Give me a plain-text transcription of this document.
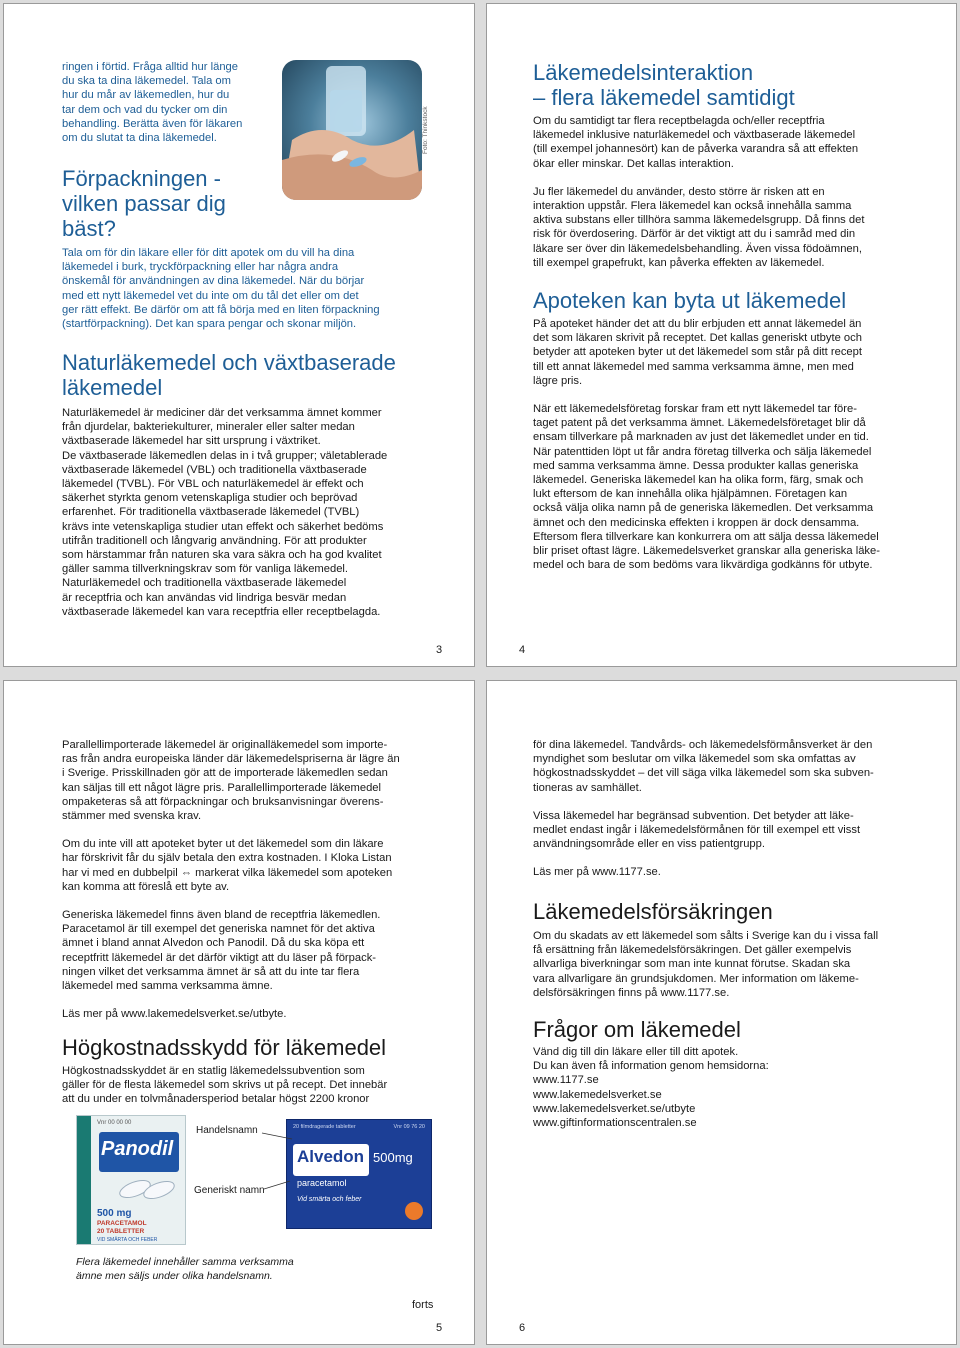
ringen i förtid. Fråga alltid hur länge

du ska ta dina läkemedel. Tala om

hur du mår av läkemedlen, hur du

tar dem och vad du tycker om din

behandling. Berätta även för läkaren

om du slutat ta dina läkemedel.	Foto: Thinkstock
Förpackningen -
vilken passar dig
bäst?

Tala om för din läkare eller för ditt apotek om du vill ha dina

läkemedel i burk, tryckförpackning eller har några andra

önskemål för användningen av dina läkemedel. När du börjar

med ett nytt läkemedel vet du inte om du tål det eller om det

ger rätt effekt. Be därför om att få börja med en liten förpackning

(startförpackning). Det kan spara pengar och skonar miljön.

Naturläkemedel och växtbaserade
läkemedel

Naturläkemedel är mediciner där det verksamma ämnet kommer

från djurdelar, bakteriekulturer, mineraler eller salter medan

växtbaserade läkemedel har sitt ursprung i växtriket.

De växtbaserade läkemedlen delas in i två grupper; väletablerade

växtbaserade läkemedel (VBL) och traditionella växtbaserade

läkemedel (TVBL). För VBL och naturläkemedel är effekt och

säkerhet styrkta genom vetenskapliga studier och beprövad

erfarenhet. För traditionella växtbaserade läkemedel (TVBL)

krävs inte vetenskapliga studier utan effekt och säkerhet bedöms

utifrån traditionell och långvarig användning. För att produkter

som härstammar från naturen ska vara säkra och ha god kvalitet

gäller samma tillverkningskrav som för vanliga läkemedel.

Naturläkemedel och traditionella växtbaserade läkemedel

är receptfria och kan användas vid lindriga besvär medan

växtbaserade läkemedel kan vara receptfria eller receptbelagda.

3
Läkemedelsinteraktion
– flera läkemedel samtidigt

Om du samtidigt tar flera receptbelagda och/eller receptfria

läkemedel inklusive naturläkemedel och växtbaserade läkemedel

(till exempel johannesört) kan de påverka varandra så att effekten

ökar eller minskar. Det kallas interaktion.

Ju fler läkemedel du använder, desto större är risken att en

interaktion uppstår. Flera läkemedel kan också innehålla samma

aktiva substans eller tillhöra samma läkemedelsgrupp. Då finns det

risk för överdosering. Därför är det viktigt att du i samråd med din

läkare ser över din läkemedelsbehandling. Även vissa födoämnen,

till exempel grapefrukt, kan påverka effekten av läkemedel.

Apoteken kan byta ut läkemedel

På apoteket händer det att du blir erbjuden ett annat läkemedel än

det som läkaren skrivit på receptet. Det kallas generiskt utbyte och

betyder att apoteken byter ut det läkemedel som står på ditt recept

till ett annat läkemedel med samma verksamma ämne, men med

lägre pris.

När ett läkemedelsföretag forskar fram ett nytt läkemedel tar före-

taget patent på det verksamma ämnet. Läkemedelsföretaget blir då

ensam tillverkare på marknaden av just det läkemedlet under en tid.

När patenttiden löpt ut får andra företag tillverka och sälja läkemedel

med samma verksamma ämne. Dessa produkter kallas generiska

läkemedel. Generiska läkemedel kan ha olika form, färg, smak och

lukt eftersom de kan innehålla olika hjälpämnen. Företagen kan

också välja olika namn på de generiska läkemedlen. Det verksamma

ämnet och den medicinska effekten i kroppen är dock densamma.

Eftersom flera tillverkare kan konkurrera om att sälja dessa läkemedel

blir priset oftast lägre. Läkemedelsverket granskar alla generiska läke-

medel och bara de som bedöms vara likvärdiga godkänns för utbyte.

4

Parallellimporterade läkemedel är originalläkemedel som importe-

ras från andra europeiska länder där läkemedelspriserna är lägre än

i Sverige. Prisskillnaden gör att de importerade läkemedlen sedan

kan säljas till ett något lägre pris. Parallellimporterade läkemedel

ompaketeras så att förpackningar och bruksanvisningar överens-

stämmer med svenska krav.

Om du inte vill att apoteket byter ut det läkemedel som din läkare

har förskrivit får du själv betala den extra kostnaden. I Kloka Listan

har vi med en dubbelpil ⇔ markerat vilka läkemedel som apoteken

kan komma att föreslå ett byte av.

Generiska läkemedel finns även bland de receptfria läkemedlen.

Paracetamol är till exempel det generiska namnet för det aktiva

ämnet i bland annat Alvedon och Panodil. Då du ska köpa ett

receptfritt läkemedel är det därför viktigt att du läser på förpack-

ningen vilket det verksamma ämnet är så att du inte tar flera

läkemedel med samma verksamma ämne.

Läs mer på www.lakemedelsverket.se/utbyte.

Högkostnadsskydd för läkemedel

Högkostnadsskyddet är en statlig läkemedelssubvention som

gäller för de flesta läkemedel som skrivs ut på recept. Det innebär

att du under en tolvmånadersperiod betalar högst 2200 kronor

Vnr 00 00 00
Panodil
500 mg
PARACETAMOL
20 TABLETTER
VID SMÄRTA OCH FEBER
Handelsnamn
Generiskt namn
20 filmdragerade tabletter	Vnr 09 76 20
Alvedon 500mg
paracetamol
Vid smärta och feber
Flera läkemedel innehåller samma verksamma
ämne men säljs under olika handelsnamn.
forts
5

för dina läkemedel. Tandvårds- och läkemedelsförmånsverket är den

myndighet som beslutar om vilka läkemedel som ska omfattas av

högkostnadsskyddet – det vill säga vilka läkemedel som ska subven-

tioneras av samhället.

Vissa läkemedel har begränsad subvention. Det betyder att läke-

medlet endast ingår i läkemedelsförmånen för till exempel ett visst

användningsområde eller en viss patientgrupp.

Läs mer på www.1177.se.

Läkemedelsförsäkringen

Om du skadats av ett läkemedel som sålts i Sverige kan du i vissa fall

få ersättning från läkemedelsförsäkringen. Det gäller exempelvis

allvarliga biverkningar som man inte kunnat förutse. Skadan ska

vara allvarligare än grundsjukdomen. Mer information om läkeme-

delsförsäkringen finns på www.1177.se.

Frågor om läkemedel

Vänd dig till din läkare eller till ditt apotek.

Du kan även få information genom hemsidorna:

www.1177.se

www.lakemedelsverket.se

www.lakemedelsverket.se/utbyte

www.giftinformationscentralen.se

6
